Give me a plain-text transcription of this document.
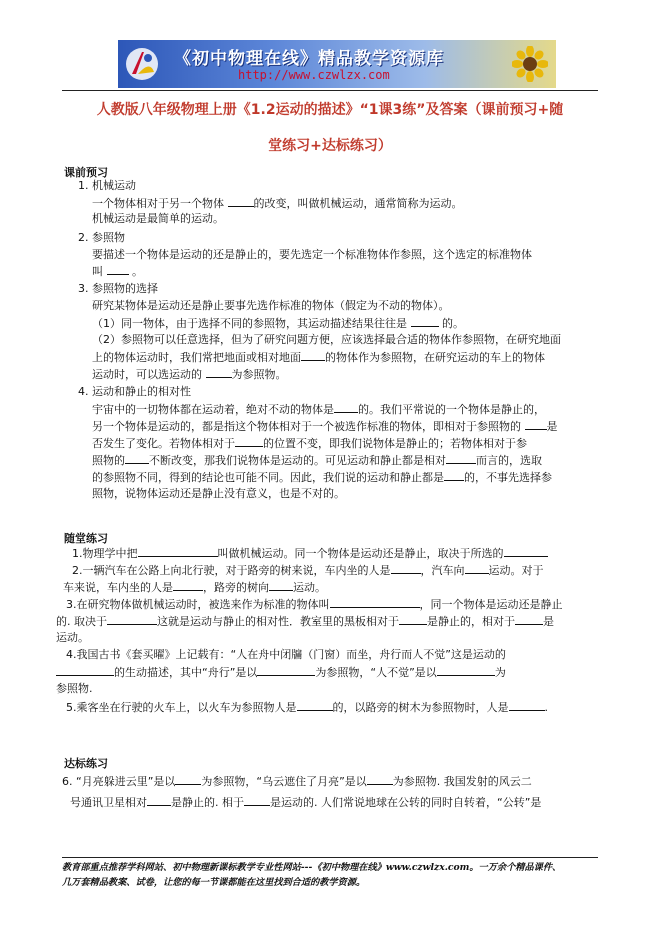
《初中物理在线》精品教学资源库
http://www.czwlzx.com
人教版八年级物理上册《1.2运动的描述》“1课3练”及答案（课前预习+随
堂练习+达标练习）
课前预习
1. 机械运动
一个物体相对于另一个物体 的改变，叫做机械运动，通常简称为运动。
机械运动是最简单的运动。
2. 参照物
要描述一个物体是运动的还是静止的，要先选定一个标准物体作参照，这个选定的标准物体
叫  。
3. 参照物的选择
研究某物体是运动还是静止要事先选作标准的物体（假定为不动的物体）。
（1）同一物体，由于选择不同的参照物，其运动描述结果往往是	的。
（2）参照物可以任意选择，但为了研究问题方便，应该选择最合适的物体作参照物，在研究地面
上的物体运动时，我们常把地面或相对地面 的物体作为参照物，在研究运动的车上的物体
运动时，可以选运动的 为参照物。
4. 运动和静止的相对性
宇宙中的一切物体都在运动着，绝对不动的物体是 的。我们平常说的一个物体是静止的，
另一个物体是运动的，都是指这个物体相对于一个被选作标准的物体，即相对于参照物的 是
否发生了变化。若物体相对于	的位置不变，即我们说物体是静止的；若物体相对于参
照物的 不断改变，那我们说物体是运动的。可见运动和静止都是相对	而言的，选取
的参照物不同，得到的结论也可能不同。因此，我们说的运动和静止都是 的，不事先选择参
照物，说物体运动还是静止没有意义，也是不对的。
随堂练习
1.物理学中把	叫做机械运动。同一个物体是运动还是静止，取决于所选的
2.一辆汽车在公路上向北行驶，对于路旁的树来说，车内坐的人是	，汽车向 运动。对于
车来说，车内坐的人是	，路旁的树向 运动。
3.在研究物体做机械运动时，被选来作为标准的物体叫	，同一个物体是运动还是静止
的. 取决于	这就是运动与静止的相对性．教室里的黑板相对于	是静止的，相对于	是
运动。
4.我国古书《套买曜》上记载有：“人在舟中闭牖（门窗）而坐，舟行而人不觉”这是运动的
的生动描述，其中“舟行”是以	为参照物，“人不觉”是以	为
参照物.
5.乘客坐在行驶的火车上，以火车为参照物人是	的，以路旁的树木为参照物时，人是	.
达标练习
6. “月亮躲进云里”是以 为参照物，“乌云遮住了月亮”是以 为参照物. 我国发射的风云二
号通讯卫星相对 是静止的. 相于 是运动的. 人们常说地球在公转的同时自转着，“公转”是
教育部重点推荐学科网站、初中物理新课标教学专业性网站---《初中物理在线》www.czwlzx.com。一万余个精品课件、
几万套精品教案、试卷，让您的每一节课都能在这里找到合适的教学资源。
